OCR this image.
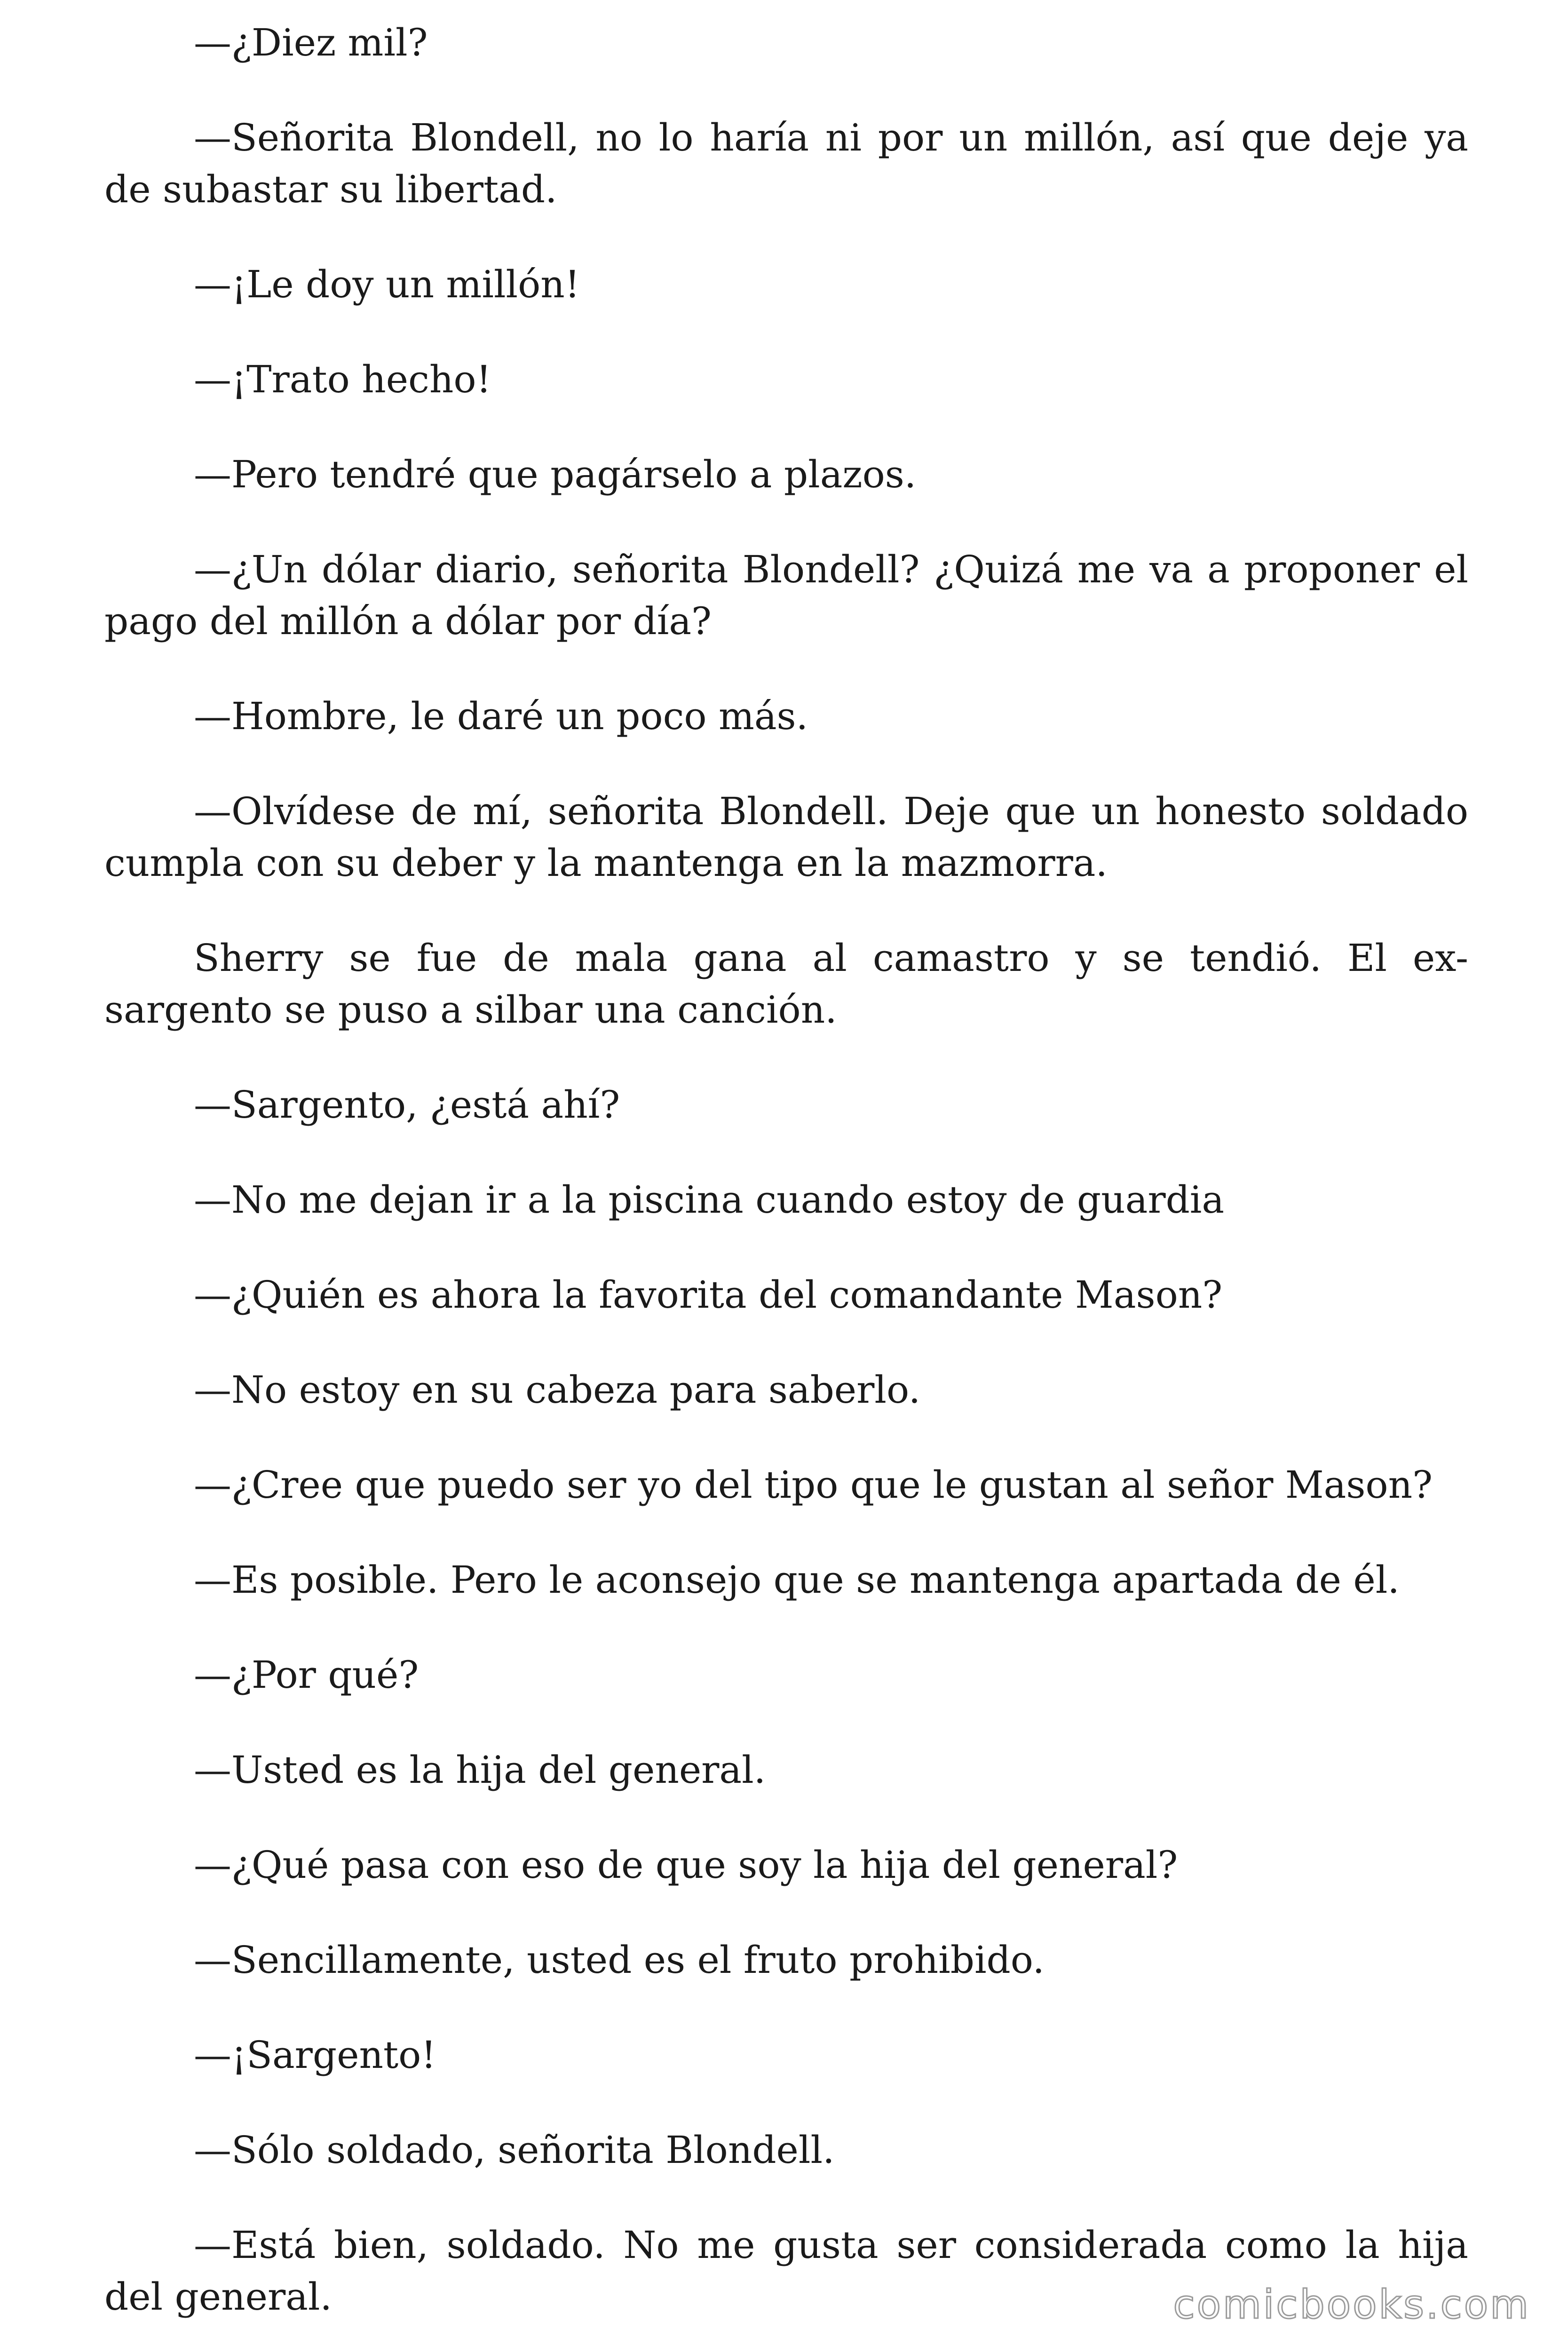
—¿Diez mil?

—Señorita Blondell, no lo haría ni por un millón, así que deje ya de subastar su libertad.

—¡Le doy un millón!

—¡Trato hecho!

—Pero tendré que pagárselo a plazos.

—¿Un dólar diario, señorita Blondell? ¿Quizá me va a proponer el pago del millón a dólar por día?

—Hombre, le daré un poco más.

—Olvídese de mí, señorita Blondell. Deje que un honesto soldado cumpla con su deber y la mantenga en la mazmorra.

Sherry se fue de mala gana al camastro y se tendió. El ex-sargento se puso a silbar una canción.

—Sargento, ¿está ahí?

—No me dejan ir a la piscina cuando estoy de guardia

—¿Quién es ahora la favorita del comandante Mason?

—No estoy en su cabeza para saberlo.

—¿Cree que puedo ser yo del tipo que le gustan al señor Mason?

—Es posible. Pero le aconsejo que se mantenga apartada de él.

—¿Por qué?

—Usted es la hija del general.

—¿Qué pasa con eso de que soy la hija del general?

—Sencillamente, usted es el fruto prohibido.

—¡Sargento!

—Sólo soldado, señorita Blondell.

—Está bien, soldado. No me gusta ser considerada como la hija del general.	comicbooks.com
